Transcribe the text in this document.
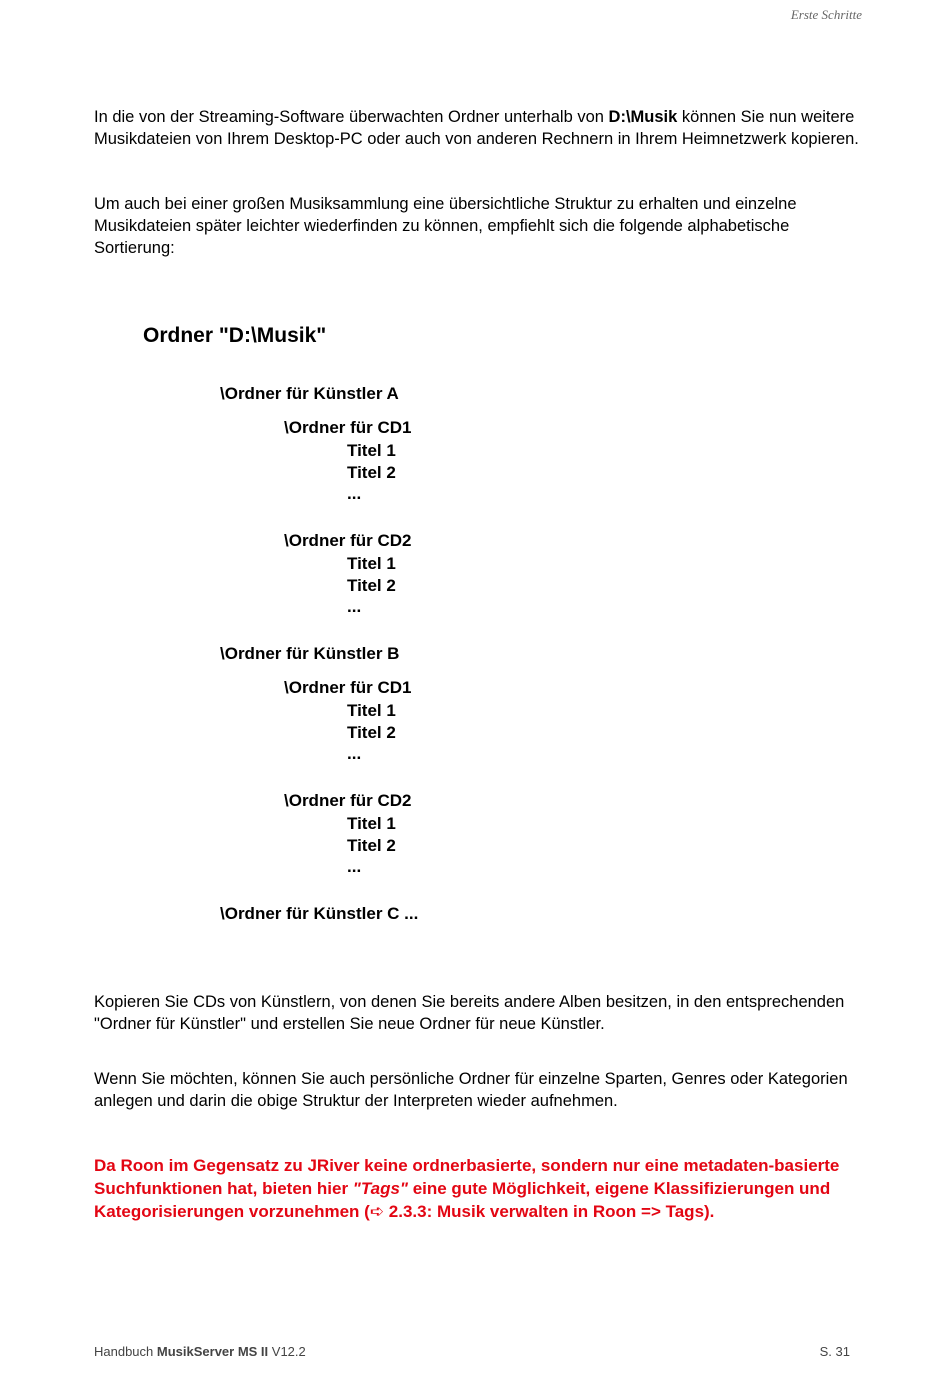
Erste Schritte
In die von der Streaming-Software überwachten Ordner unterhalb von D:\Musik können Sie nun weitere Musikdateien von Ihrem Desktop-PC oder auch von anderen Rechnern in Ihrem Heimnetzwerk kopieren.
Um auch bei einer großen Musiksammlung eine übersichtliche Struktur zu erhalten und einzelne Musikdateien später leichter wiederfinden zu können, empfiehlt sich die folgende alphabetische Sortierung:
Ordner "D:\Musik"
\Ordner für Künstler A
\Ordner für CD1
Titel 1
Titel 2
...
\Ordner für CD2
Titel 1
Titel 2
...
\Ordner für Künstler B
\Ordner für CD1
Titel 1
Titel 2
...
\Ordner für CD2
Titel 1
Titel 2
...
\Ordner für Künstler C ...
Kopieren Sie CDs von Künstlern, von denen Sie bereits andere Alben besitzen, in den entsprechenden "Ordner für Künstler" und erstellen Sie neue Ordner für neue Künstler.
Wenn Sie möchten, können Sie auch persönliche Ordner für einzelne Sparten, Genres oder Kategorien anlegen und darin die obige Struktur der Interpreten wieder aufnehmen.
Da Roon im Gegensatz zu JRiver keine ordnerbasierte, sondern nur eine metadaten-basierte Suchfunktionen hat, bieten hier "Tags" eine gute Möglichkeit, eigene Klassifizierungen und Kategorisierungen vorzunehmen (➪ 2.3.3: Musik verwalten in Roon => Tags).
Handbuch MusikServer MS II V12.2	S. 31
